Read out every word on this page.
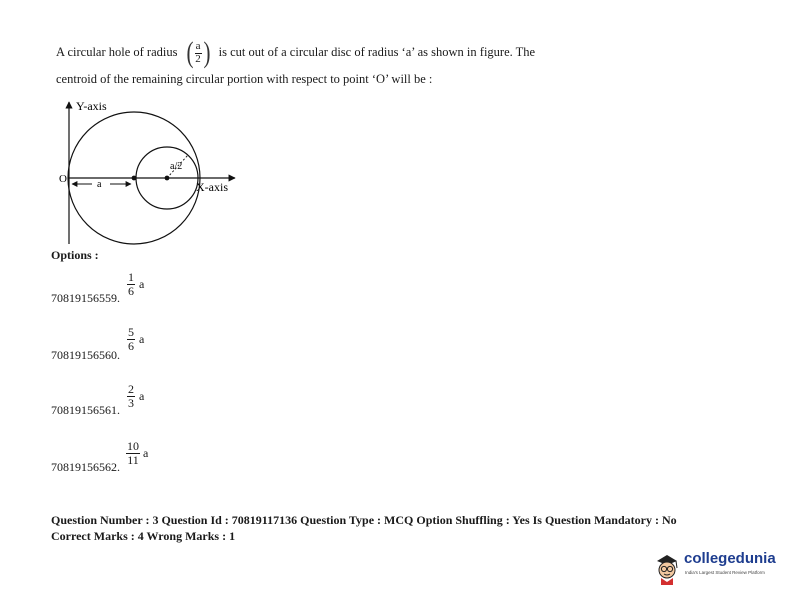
A circular hole of radius ( $\frac{a}{2}$ ) is cut out of a circular disc of radius ‘a’ as shown in figure. The
centroid of the remaining circular portion with respect to point ‘O’ will be :
Y-axis
X-axis
O	a
a/2
Options :
70819156559.
$\frac{1}{6}$ a
70819156560.
$\frac{5}{6}$ a
70819156561.
$\frac{2}{3}$ a
70819156562.
$\frac{10}{11}$ a
Question Number : 3 Question Id : 70819117136 Question Type : MCQ Option Shuffling : Yes Is Question Mandatory : No
Correct Marks : 4 Wrong Marks : 1
collegedunia
India's Largest Student Review Platform
